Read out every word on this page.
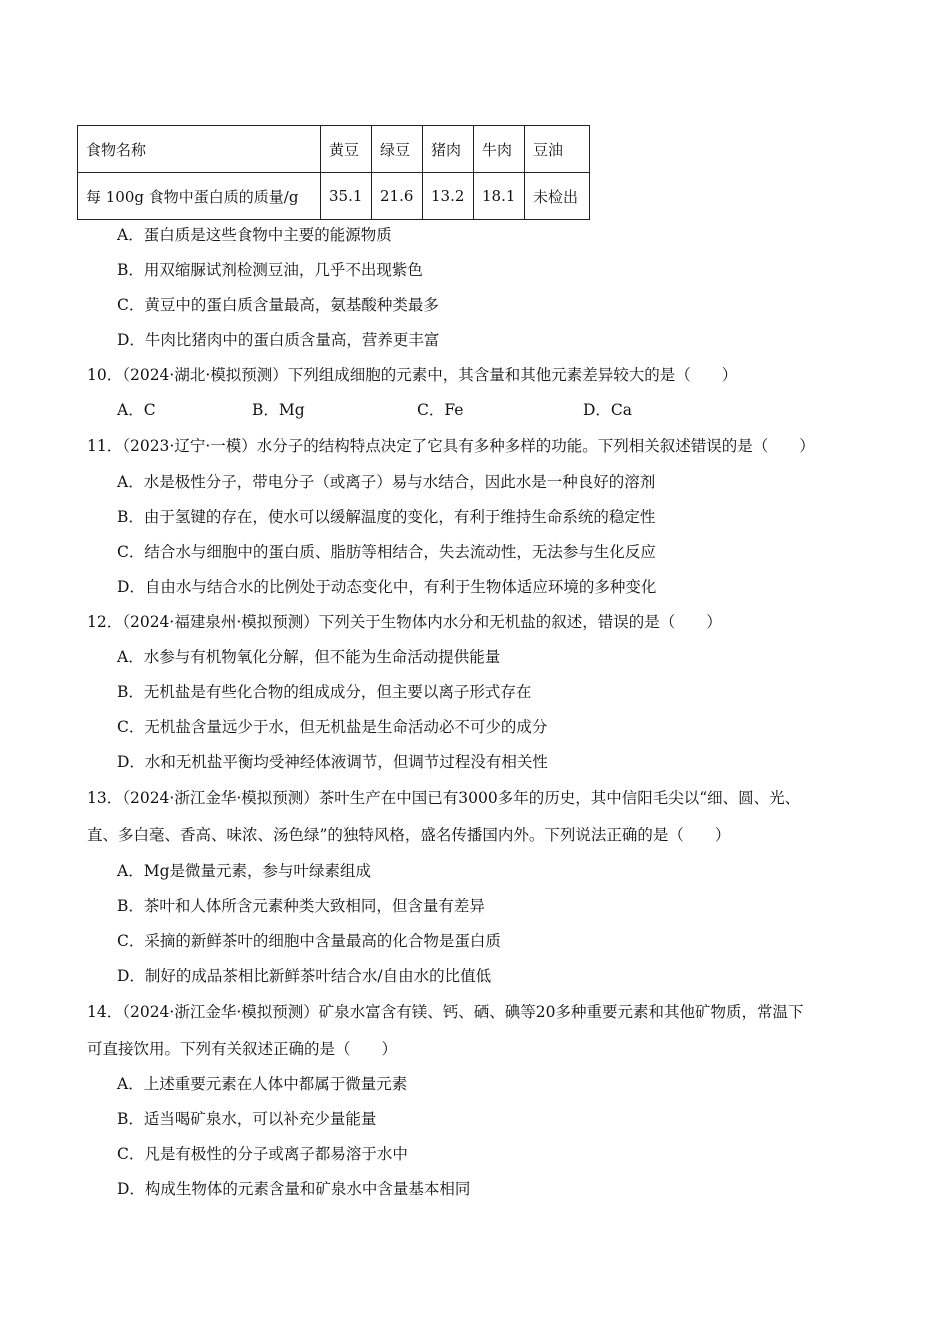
食物名称	黄豆	绿豆	猪肉	牛肉	豆油
每 100g 食物中蛋白质的质量/g	35.1	21.6	13.2	18.1	未检出
A．蛋白质是这些食物中主要的能源物质
B．用双缩脲试剂检测豆油，几乎不出现紫色
C．黄豆中的蛋白质含量最高，氨基酸种类最多
D．牛肉比猪肉中的蛋白质含量高，营养更丰富
10．（2024·湖北·模拟预测）下列组成细胞的元素中，其含量和其他元素差异较大的是（　　）
A．C	B．Mg	C．Fe	D．Ca
11．（2023·辽宁·一模）水分子的结构特点决定了它具有多种多样的功能。下列相关叙述错误的是（　　）
A．水是极性分子，带电分子（或离子）易与水结合，因此水是一种良好的溶剂
B．由于氢键的存在，使水可以缓解温度的变化，有利于维持生命系统的稳定性
C．结合水与细胞中的蛋白质、脂肪等相结合，失去流动性，无法参与生化反应
D．自由水与结合水的比例处于动态变化中，有利于生物体适应环境的多种变化
12．（2024·福建泉州·模拟预测）下列关于生物体内水分和无机盐的叙述，错误的是（　　）
A．水参与有机物氧化分解，但不能为生命活动提供能量
B．无机盐是有些化合物的组成成分，但主要以离子形式存在
C．无机盐含量远少于水，但无机盐是生命活动必不可少的成分
D．水和无机盐平衡均受神经体液调节，但调节过程没有相关性
13．（2024·浙江金华·模拟预测）茶叶生产在中国已有3000多年的历史，其中信阳毛尖以“细、圆、光、
直、多白毫、香高、味浓、汤色绿”的独特风格，盛名传播国内外。下列说法正确的是（　　）
A．Mg是微量元素，参与叶绿素组成
B．茶叶和人体所含元素种类大致相同，但含量有差异
C．采摘的新鲜茶叶的细胞中含量最高的化合物是蛋白质
D．制好的成品茶相比新鲜茶叶结合水/自由水的比值低
14．（2024·浙江金华·模拟预测）矿泉水富含有镁、钙、硒、碘等20多种重要元素和其他矿物质，常温下
可直接饮用。下列有关叙述正确的是（　　）
A．上述重要元素在人体中都属于微量元素
B．适当喝矿泉水，可以补充少量能量
C．凡是有极性的分子或离子都易溶于水中
D．构成生物体的元素含量和矿泉水中含量基本相同
